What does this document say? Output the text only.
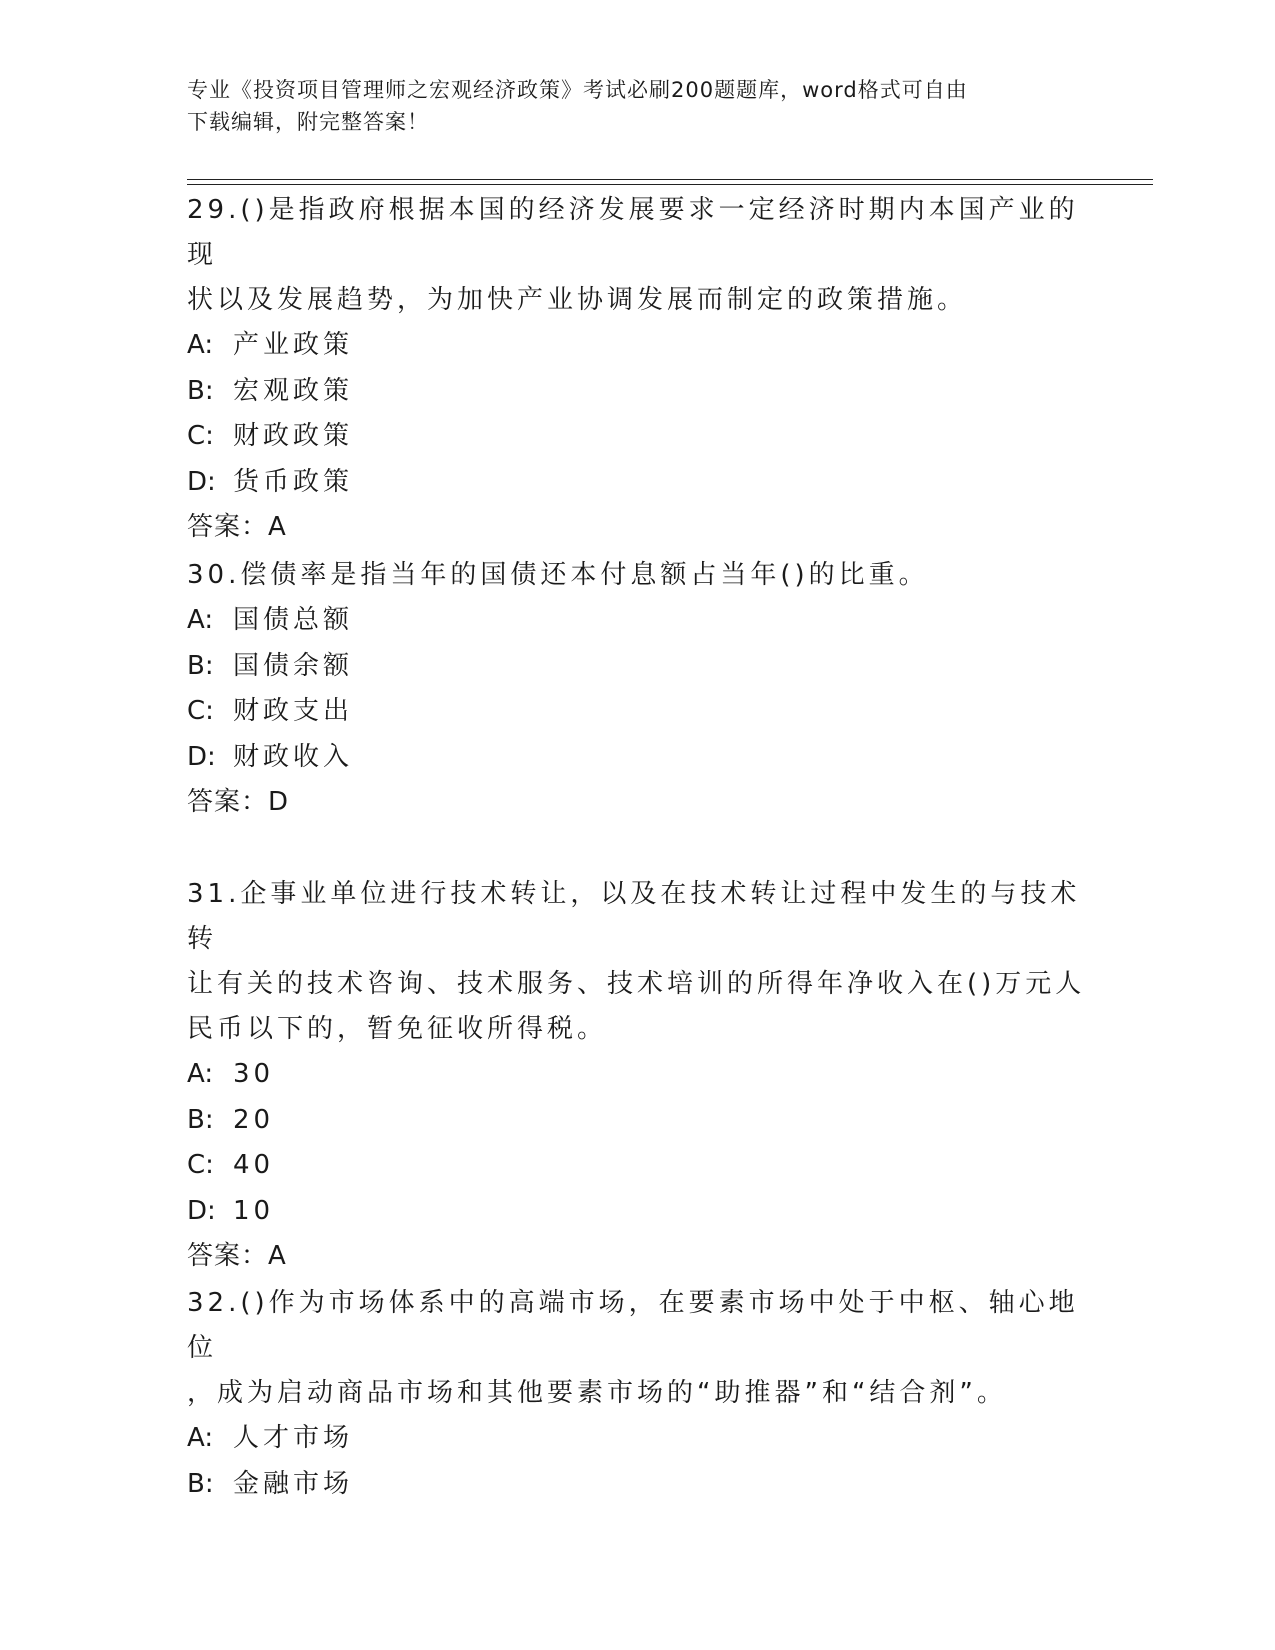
专业《投资项目管理师之宏观经济政策》考试必刷200题题库，word格式可自由
下载编辑，附完整答案！

29.()是指政府根据本国的经济发展要求一定经济时期内本国产业的现

状以及发展趋势，为加快产业协调发展而制定的政策措施。

A: 产业政策

B: 宏观政策

C: 财政政策

D: 货币政策

答案：A

30.偿债率是指当年的国债还本付息额占当年()的比重。

A: 国债总额

B: 国债余额

C: 财政支出

D: 财政收入

答案：D

31.企事业单位进行技术转让，以及在技术转让过程中发生的与技术转

让有关的技术咨询、技术服务、技术培训的所得年净收入在()万元人

民币以下的，暂免征收所得税。

A: 30

B: 20

C: 40

D: 10

答案：A

32.()作为市场体系中的高端市场，在要素市场中处于中枢、轴心地位

，成为启动商品市场和其他要素市场的“助推器”和“结合剂”。

A: 人才市场

B: 金融市场
